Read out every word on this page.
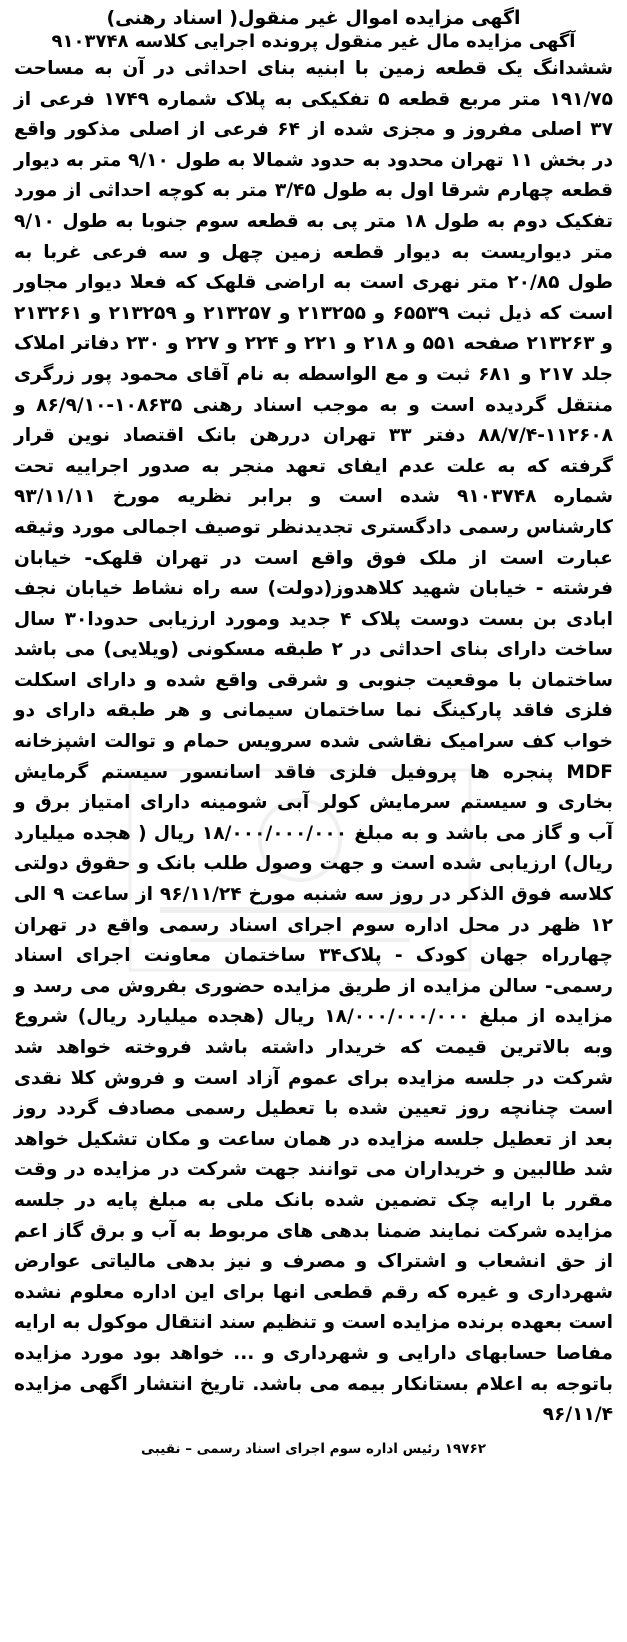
اگهی مزایده اموال غیر منقول( اسناد رهنی)
آگهی مزایده مال غیر منقول پرونده اجرایی کلاسه ۹۱۰۳۷۴۸

ششدانگ یک قطعه زمین با ابنیه بنای احداثی در آن به مساحت ۱۹۱/۷۵ متر مربع قطعه ۵ تفکیکی به پلاک شماره ۱۷۴۹ فرعی از ۳۷ اصلی مفروز و مجزی شده از ۶۴ فرعی از اصلی مذکور واقع در بخش ۱۱ تهران محدود به حدود شمالا به طول ۹/۱۰ متر به دیوار قطعه چهارم شرقا اول به طول ۳/۴۵ متر به کوچه احداثی از مورد تفکیک دوم به طول ۱۸ متر پی به قطعه سوم جنوبا به طول ۹/۱۰ متر دیواریست به دیوار قطعه زمین چهل و سه فرعی غربا به طول ۲۰/۸۵ متر نهری است به اراضی قلهک که فعلا دیوار مجاور است که ذیل ثبت ۶۵۵۳۹ و ۲۱۳۲۵۵ و ۲۱۳۲۵۷ و ۲۱۳۲۵۹ و ۲۱۳۲۶۱ و ۲۱۳۲۶۳ صفحه ۵۵۱ و ۲۱۸ و ۲۲۱ و ۲۲۴ و ۲۲۷ و ۲۳۰ دفاتر املاک جلد ۲۱۷ و ۶۸۱ ثبت و مع الواسطه به نام آقای محمود پور زرگری منتقل گردیده است و به موجب اسناد رهنی ۱۰۸۶۳۵-۸۶/۹/۱۰ و ۱۱۲۶۰۸-۸۸/۷/۴ دفتر ۳۳ تهران دررهن بانک اقتصاد نوین قرار گرفته که به علت عدم ایفای تعهد منجر به صدور اجراییه تحت شماره ۹۱۰۳۷۴۸ شده است و برابر نظریه مورخ ۹۳/۱۱/۱۱ کارشناس رسمی دادگستری تجدیدنظر توصیف اجمالی مورد وثیقه عبارت است از ملک فوق واقع است در تهران قلهک- خیابان فرشته - خیابان شهید کلاهدوز(دولت) سه راه نشاط خیابان نجف ابادی بن بست دوست پلاک ۴ جدید ومورد ارزیابی حدودا۳۰ سال ساخت دارای بنای احداثی در ۲ طبقه مسکونی (ویلایی) می باشد ساختمان با موقعیت جنوبی و شرقی واقع شده و دارای اسکلت فلزی فاقد پارکینگ نما ساختمان سیمانی و هر طبقه دارای دو خواب کف سرامیک نقاشی شده سرویس حمام و توالت اشپزخانه MDF پنجره ها پروفیل فلزی فاقد اسانسور سیستم گرمایش بخاری و سیستم سرمایش کولر آبی شومینه دارای امتیاز برق و آب و گاز می باشد و به مبلغ ۱۸/۰۰۰/۰۰۰/۰۰۰ ریال ( هجده میلیارد ریال) ارزیابی شده است و جهت وصول طلب بانک و حقوق دولتی کلاسه فوق الذکر در روز سه شنبه مورخ ۹۶/۱۱/۲۴ از ساعت ۹ الی ۱۲ ظهر در محل اداره سوم اجرای اسناد رسمی واقع در تهران چهارراه جهان کودک - پلاک۳۴ ساختمان معاونت اجرای اسناد رسمی- سالن مزایده از طریق مزایده حضوری بفروش می رسد و مزایده از مبلغ ۱۸/۰۰۰/۰۰۰/۰۰۰ ریال (هجده میلیارد ریال) شروع وبه بالاترین قیمت که خریدار داشته باشد فروخته خواهد شد شرکت در جلسه مزایده برای عموم آزاد است و فروش کلا نقدی است چنانچه روز تعیین شده با تعطیل رسمی مصادف گردد روز بعد از تعطیل جلسه مزایده در همان ساعت و مکان تشکیل خواهد شد طالبین و خریداران می توانند جهت شرکت در مزایده در وقت مقرر با ارایه چک تضمین شده بانک ملی به مبلغ پایه در جلسه مزایده شرکت نمایند ضمنا بدهی های مربوط به آب و برق گاز اعم از حق انشعاب و اشتراک و مصرف و نیز بدهی مالیاتی عوارض شهرداری و غیره که رقم قطعی انها برای این اداره معلوم نشده است بعهده برنده مزایده است و تنظیم سند انتقال موکول به ارایه مفاصا حسابهای دارایی و شهرداری و ... خواهد بود مورد مزایده باتوجه به اعلام بستانکار بیمه می باشد. تاریخ انتشار اگهی مزایده ۹۶/۱۱/۴

۱۹۷۶۲ رئیس اداره سوم اجرای اسناد رسمی – نقیبی
